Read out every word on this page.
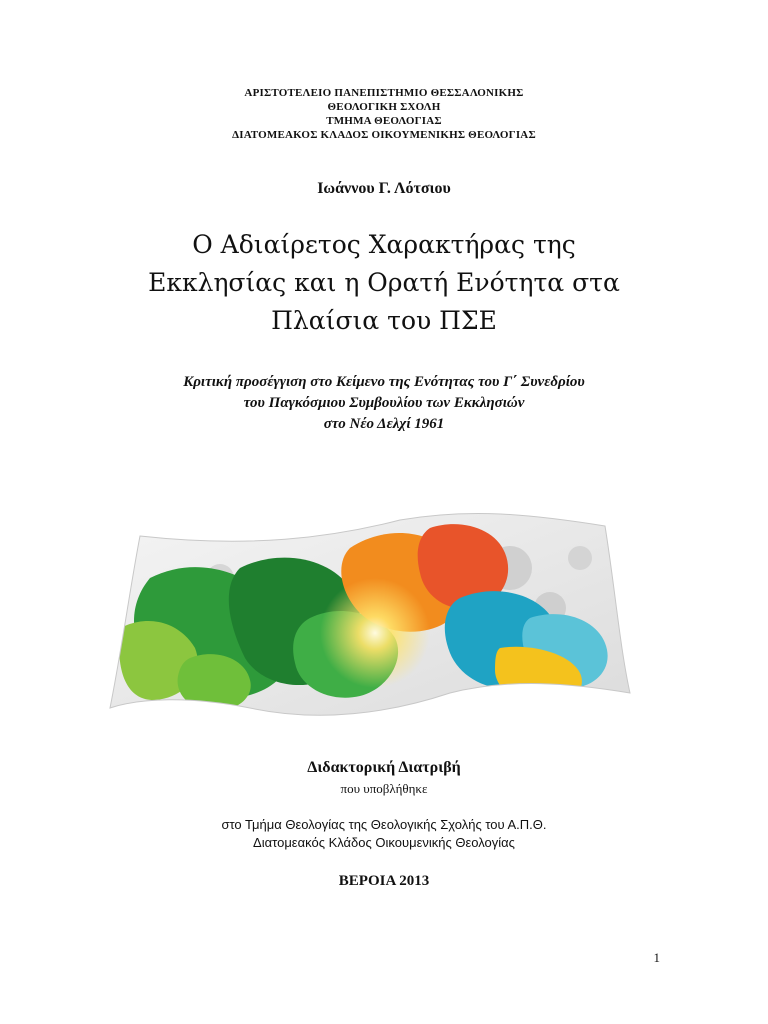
ΑΡΙΣΤΟΤΕΛΕΙΟ ΠΑΝΕΠΙΣΤΗΜΙΟ ΘΕΣΣΑΛΟΝΙΚΗΣ
ΘΕΟΛΟΓΙΚΗ ΣΧΟΛΗ
ΤΜΗΜΑ ΘΕΟΛΟΓΙΑΣ
ΔΙΑΤΟΜΕΑΚΟΣ ΚΛΑΔΟΣ ΟΙΚΟΥΜΕΝΙΚΗΣ ΘΕΟΛΟΓΙΑΣ
Ιωάννου Γ. Λότσιου
Ο Αδιαίρετος Χαρακτήρας της
Εκκλησίας και η Ορατή Ενότητα στα
Πλαίσια του ΠΣΕ
Κριτική προσέγγιση στο Κείμενο της Ενότητας του Γ΄ Συνεδρίου
του Παγκόσμιου Συμβουλίου των Εκκλησιών
στο Νέο Δελχί 1961
Διδακτορική Διατριβή
που υποβλήθηκε
στο Τμήμα Θεολογίας της Θεολογικής Σχολής του Α.Π.Θ.
Διατομεακός Κλάδος Οικουμενικής Θεολογίας
ΒΕΡΟΙΑ 2013
1
